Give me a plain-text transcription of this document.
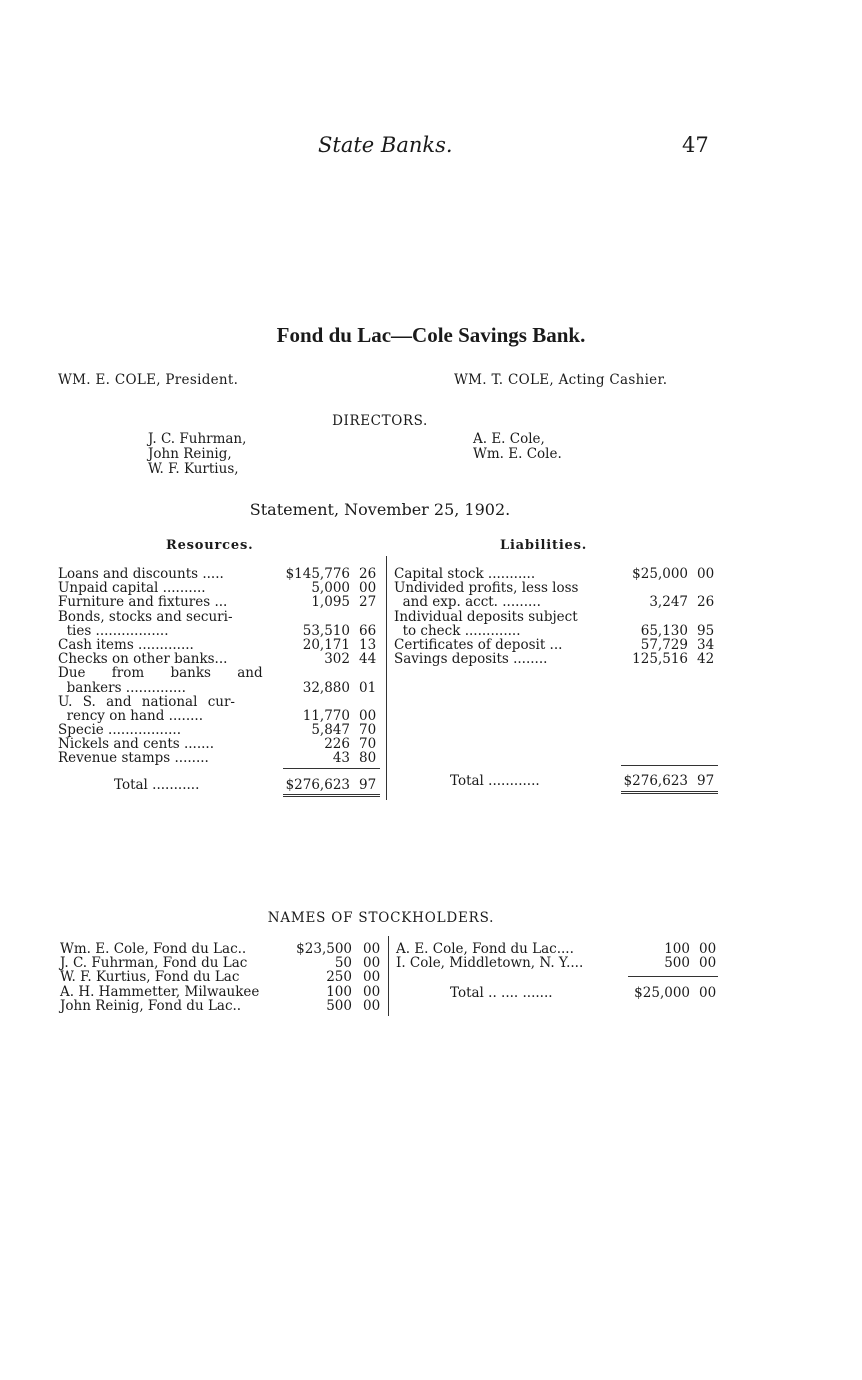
State Banks.	47
Fond du Lac—Cole Savings Bank.
WM. E. COLE, President.	WM. T. COLE, Acting Cashier.
DIRECTORS.
J. C. Fuhrman,
John Reinig,
W. F. Kurtius,
A. E. Cole,
Wm. E. Cole.
Statement, November 25, 1902.
Resources.	Liabilities.
Loans and discounts .....	$145,776 26
Unpaid capital ..........	5,000 00
Furniture and fixtures ...	1,095 27
Bonds, stocks and securi-
ties .................	53,510 66
Cash items .............	20,171 13
Checks on other banks...	302 44
Due from banks and
bankers ..............	32,880 01
U. S. and national cur-
rency on hand ........	11,770 00
Specie .................	5,847 70
Nickels and cents .......	226 70
Revenue stamps ........	43 80
Total ...........	$276,623 97
Capital stock ...........	$25,000 00
Undivided profits, less loss
and exp. acct. .........	3,247 26
Individual deposits subject
to check .............	65,130 95
Certificates of deposit ...	57,729 34
Savings deposits ........	125,516 42
Total ............	$276,623 97
NAMES OF STOCKHOLDERS.
Wm. E. Cole, Fond du Lac..	$23,500 00
J. C. Fuhrman, Fond du Lac	50 00
W. F. Kurtius, Fond du Lac	250 00
A. H. Hammetter, Milwaukee	100 00
John Reinig, Fond du Lac..	500 00
A. E. Cole, Fond du Lac....	100 00
I. Cole, Middletown, N. Y....	500 00
Total .. .... .......	$25,000 00
